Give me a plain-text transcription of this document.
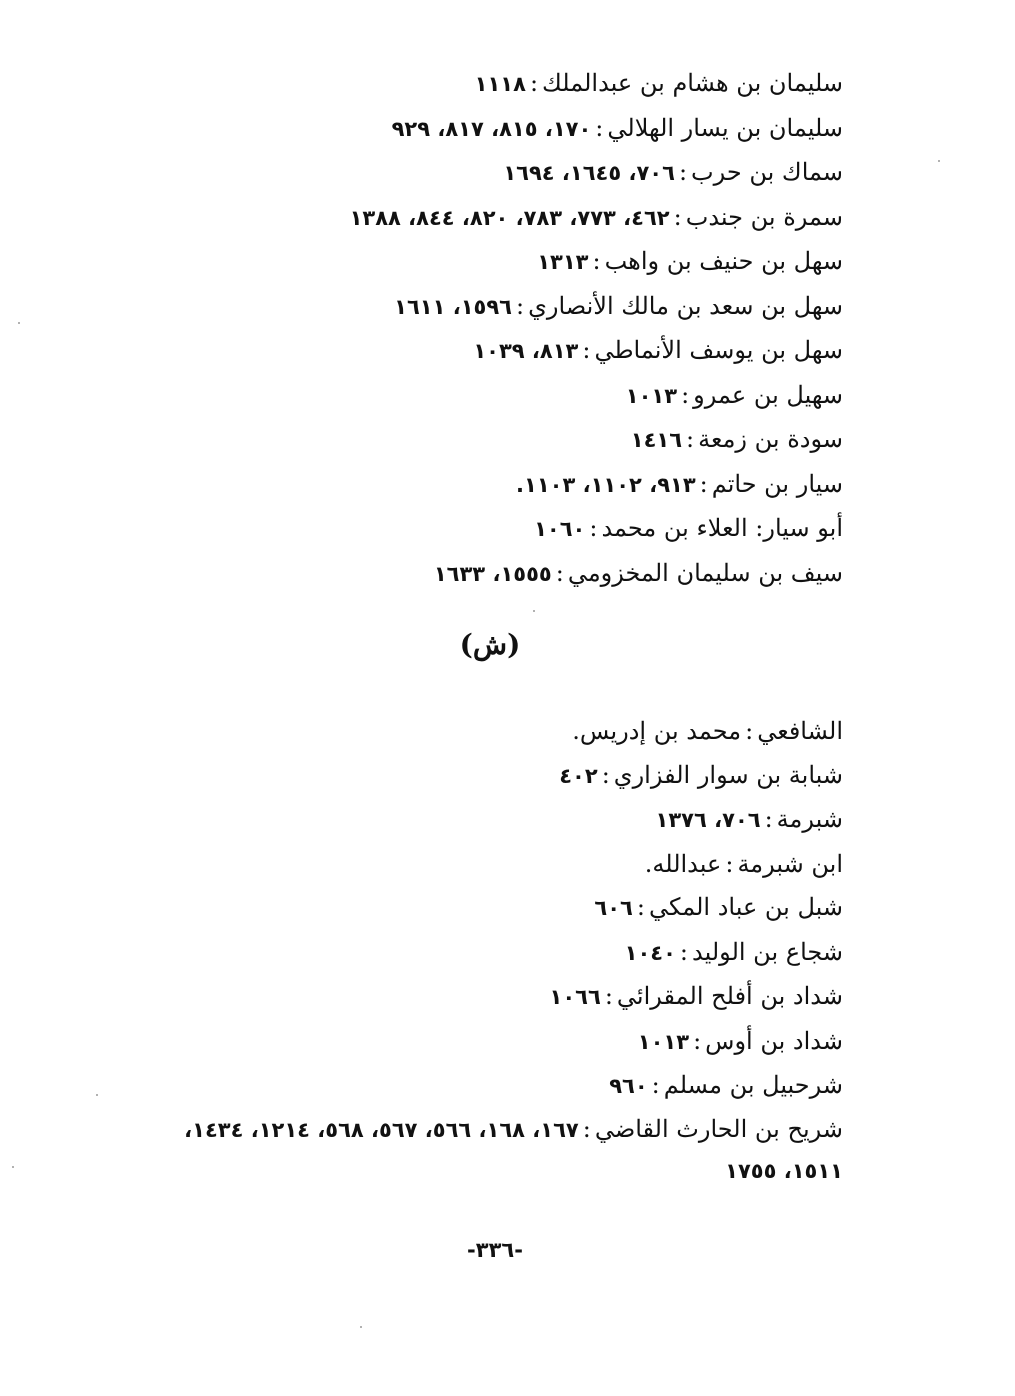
سليمان بن هشام بن عبدالملك:١١١٨
سليمان بن يسار الهلالي:١٧٠، ٨١٥، ٨١٧، ٩٢٩
سماك بن حرب:٧٠٦، ١٦٤٥، ١٦٩٤
سمرة بن جندب:٤٦٢، ٧٧٣، ٧٨٣، ٨٢٠، ٨٤٤، ١٣٨٨
سهل بن حنيف بن واهب:١٣١٣
سهل بن سعد بن مالك الأنصاري:١٥٩٦، ١٦١١
سهل بن يوسف الأنماطي:٨١٣، ١٠٣٩
سهيل بن عمرو:١٠١٣
سودة بن زمعة:١٤١٦
سيار بن حاتم:٩١٣، ١١٠٢، ١١٠٣.
أبو سيار: العلاء بن محمد:١٠٦٠
سيف بن سليمان المخزومي:١٥٥٥، ١٦٣٣
(ش)
الشافعي:محمد بن إدريس.
شبابة بن سوار الفزاري:٤٠٢
شبرمة:٧٠٦، ١٣٧٦
ابن شبرمة:عبدالله.
شبل بن عباد المكي:٦٠٦
شجاع بن الوليد:١٠٤٠
شداد بن أفلح المقرائي:١٠٦٦
شداد بن أوس:١٠١٣
شرحبيل بن مسلم:٩٦٠
شريح بن الحارث القاضي:١٦٧، ١٦٨، ٥٦٦، ٥٦٧، ٥٦٨، ١٢١٤، ١٤٣٤، ١٥١١، ١٧٥٥
-٣٣٦-
